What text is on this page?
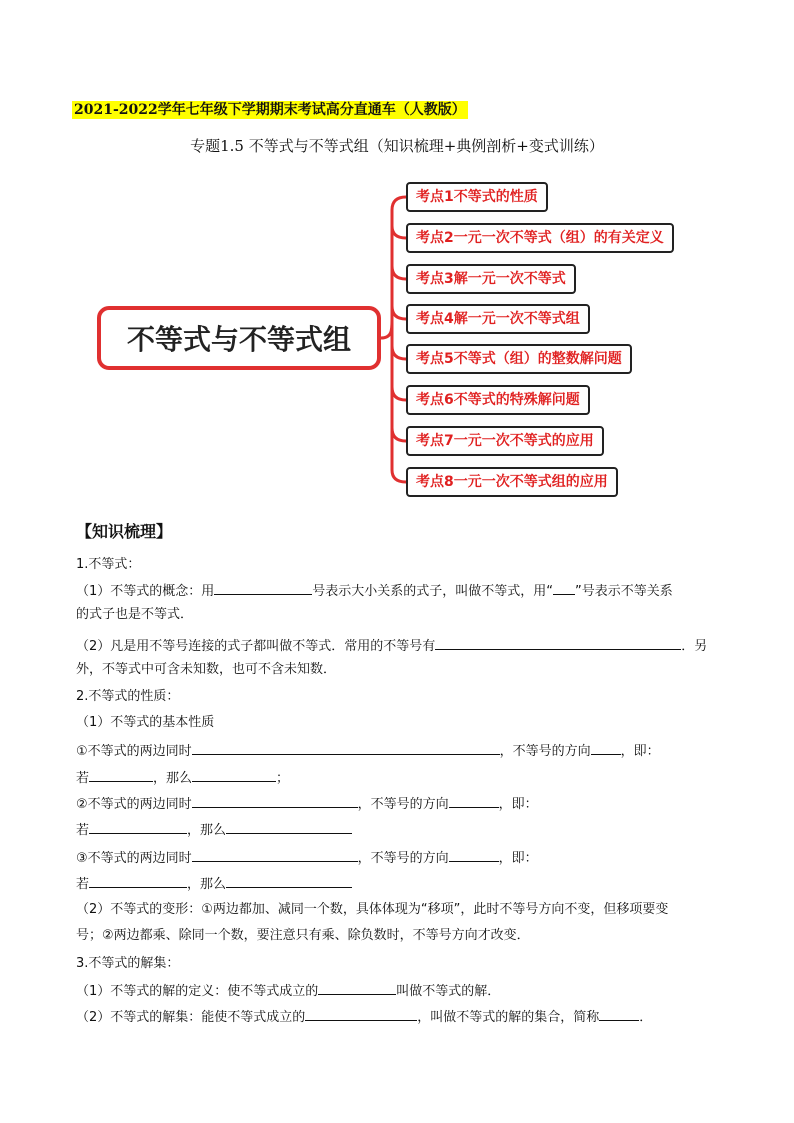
2021-2022学年七年级下学期期末考试高分直通车（人教版）
专题1.5 不等式与不等式组（知识梳理+典例剖析+变式训练）
不等式与不等式组
考点1不等式的性质
考点2一元一次不等式（组）的有关定义
考点3解一元一次不等式
考点4解一元一次不等式组
考点5不等式（组）的整数解问题
考点6不等式的特殊解问题
考点7一元一次不等式的应用
考点8一元一次不等式组的应用
【知识梳理】
1.不等式：
（1）不等式的概念：用	号表示大小关系的式子，叫做不等式，用“ ”号表示不等关系
的式子也是不等式．
（2）凡是用不等号连接的式子都叫做不等式．常用的不等号有	．另
外，不等式中可含未知数，也可不含未知数．
2.不等式的性质：
（1）不等式的基本性质
①不等式的两边同时	，不等号的方向 ，即：
若	，那么	；
②不等式的两边同时	，不等号的方向	，即：
若	，那么
③不等式的两边同时	，不等号的方向	，即：
若	，那么
（2）不等式的变形：①两边都加、减同一个数，具体体现为“移项”，此时不等号方向不变，但移项要变
号；②两边都乘、除同一个数，要注意只有乘、除负数时，不等号方向才改变．
3.不等式的解集：
（1）不等式的解的定义：使不等式成立的	叫做不等式的解．
（2）不等式的解集：能使不等式成立的	，叫做不等式的解的集合，简称	．
